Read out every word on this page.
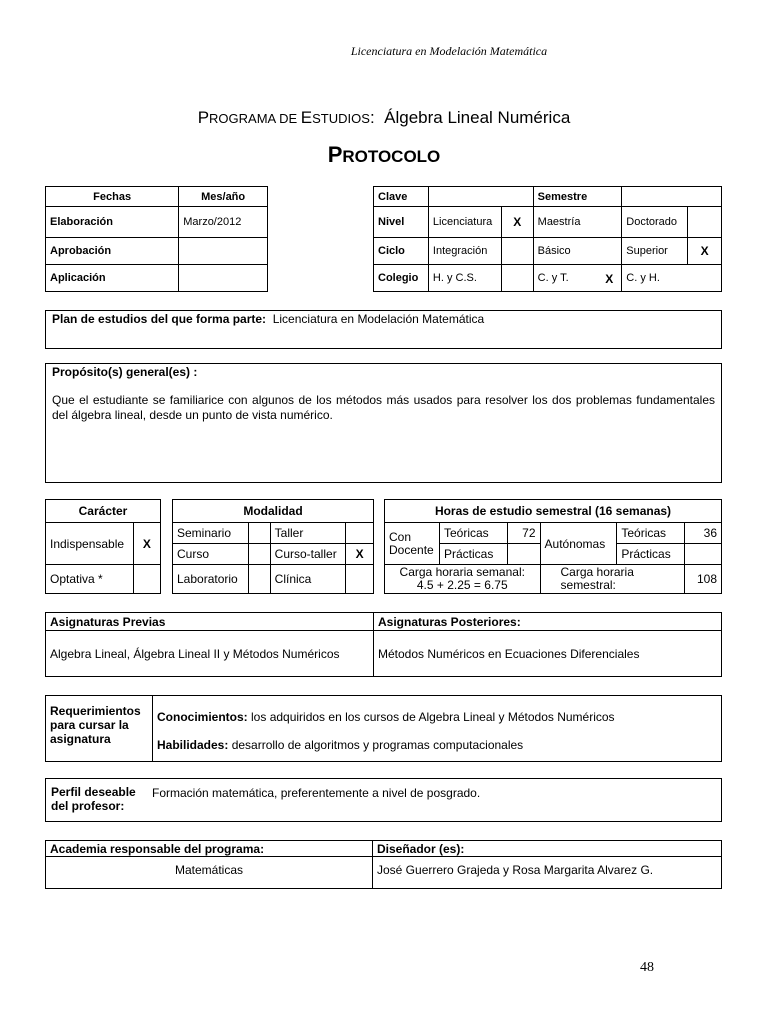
Licenciatura en Modelación Matemática
PROGRAMA DE ESTUDIOS: Álgebra Lineal Numérica
PROTOCOLO
Fechas	Mes/año
Elaboración	Marzo/2012
Aprobación	
Aplicación	
Clave			Semestre		
Nivel	Licenciatura	X	Maestría	Doctorado	
Ciclo	Integración		Básico	Superior	X
Colegio	H. y C.S.		C. y T. X	C. y H.	
Plan de estudios del que forma parte: Licenciatura en Modelación Matemática
Propósito(s) general(es) :
Que el estudiante se familiarice con algunos de los métodos más usados para resolver los dos problemas fundamentales del álgebra lineal, desde un punto de vista numérico.
Carácter	
Indispensable	X
Optativa *	
Modalidad			
Seminario		Taller	
Curso		Curso-taller	X
Laboratorio		Clínica	
Horas de estudio semestral (16 semanas)					
Con Docente	Teóricas	72	Autónomas	Teóricas	36
	Prácticas			Prácticas	

Carga horaria semanal:
4.5 + 2.25 = 6.75			Carga horaria semestral:		108
Asignaturas Previas	Asignaturas Posteriores:
Algebra Lineal, Álgebra Lineal II y Métodos Numéricos	Métodos Numéricos en Ecuaciones Diferenciales
Requerimientos para cursar la asignatura	
Conocimientos: los adquiridos en los cursos de Algebra Lineal y Métodos Numéricos
Habilidades: desarrollo de algoritmos y programas computacionales
Perfil deseable del profesor:
Formación matemática, preferentemente a nivel de posgrado.
Academia responsable del programa:	Diseñador (es):
Matemáticas	José Guerrero Grajeda y Rosa Margarita Alvarez G.
48
